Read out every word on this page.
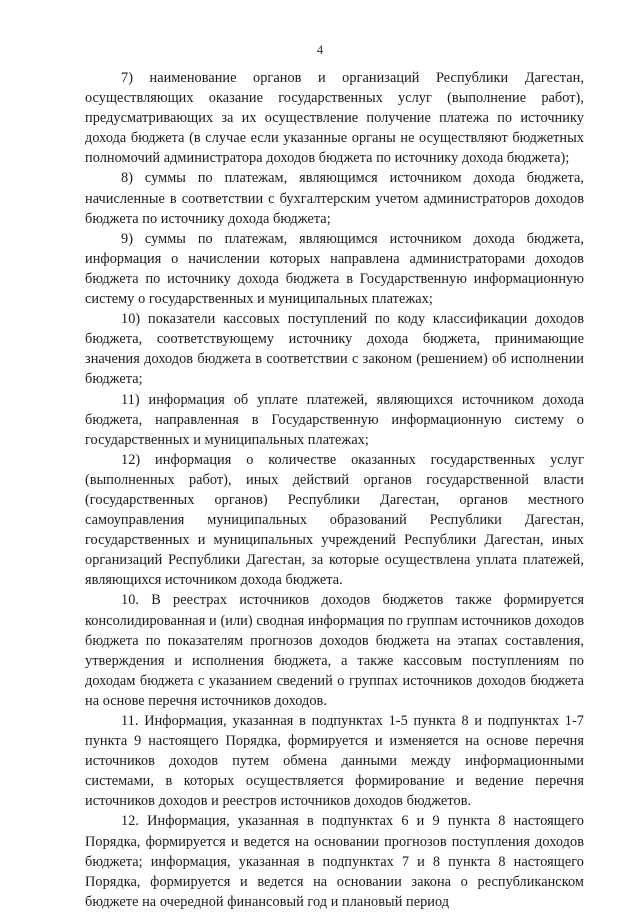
4

7) наименование органов и организаций Республики Дагестан, осуществляющих оказание государственных услуг (выполнение работ), предусматривающих за их осуществление получение платежа по источнику дохода бюджета (в случае если указанные органы не осуществляют бюджетных полномочий администратора доходов бюджета по источнику дохода бюджета);

8) суммы по платежам, являющимся источником дохода бюджета, начисленные в соответствии с бухгалтерским учетом администраторов доходов бюджета по источнику дохода бюджета;

9) суммы по платежам, являющимся источником дохода бюджета, информация о начислении которых направлена администраторами доходов бюджета по источнику дохода бюджета в Государственную информационную систему о государственных и муниципальных платежах;

10) показатели кассовых поступлений по коду классификации доходов бюджета, соответствующему источнику дохода бюджета, принимающие значения доходов бюджета в соответствии с законом (решением) об исполнении бюджета;

11) информация об уплате платежей, являющихся источником дохода бюджета, направленная в Государственную информационную систему о государственных и муниципальных платежах;

12) информация о количестве оказанных государственных услуг (выполненных работ), иных действий органов государственной власти (государственных органов) Республики Дагестан, органов местного самоуправления муниципальных образований Республики Дагестан, государственных и муниципальных учреждений Республики Дагестан, иных организаций Республики Дагестан, за которые осуществлена уплата платежей, являющихся источником дохода бюджета.

10. В реестрах источников доходов бюджетов также формируется консолидированная и (или) сводная информация по группам источников доходов бюджета по показателям прогнозов доходов бюджета на этапах составления, утверждения и исполнения бюджета, а также кассовым поступлениям по доходам бюджета с указанием сведений о группах источников доходов бюджета на основе перечня источников доходов.

11. Информация, указанная в подпунктах 1-5 пункта 8 и подпунктах 1-7 пункта 9 настоящего Порядка, формируется и изменяется на основе перечня источников доходов путем обмена данными между информационными системами, в которых осуществляется формирование и ведение перечня источников доходов и реестров источников доходов бюджетов.

12. Информация, указанная в подпунктах 6 и 9 пункта 8 настоящего Порядка, формируется и ведется на основании прогнозов поступления доходов бюджета; информация, указанная в подпунктах 7 и 8 пункта 8 настоящего Порядка, формируется и ведется на основании закона о республиканском бюджете на очередной финансовый год и плановый период
